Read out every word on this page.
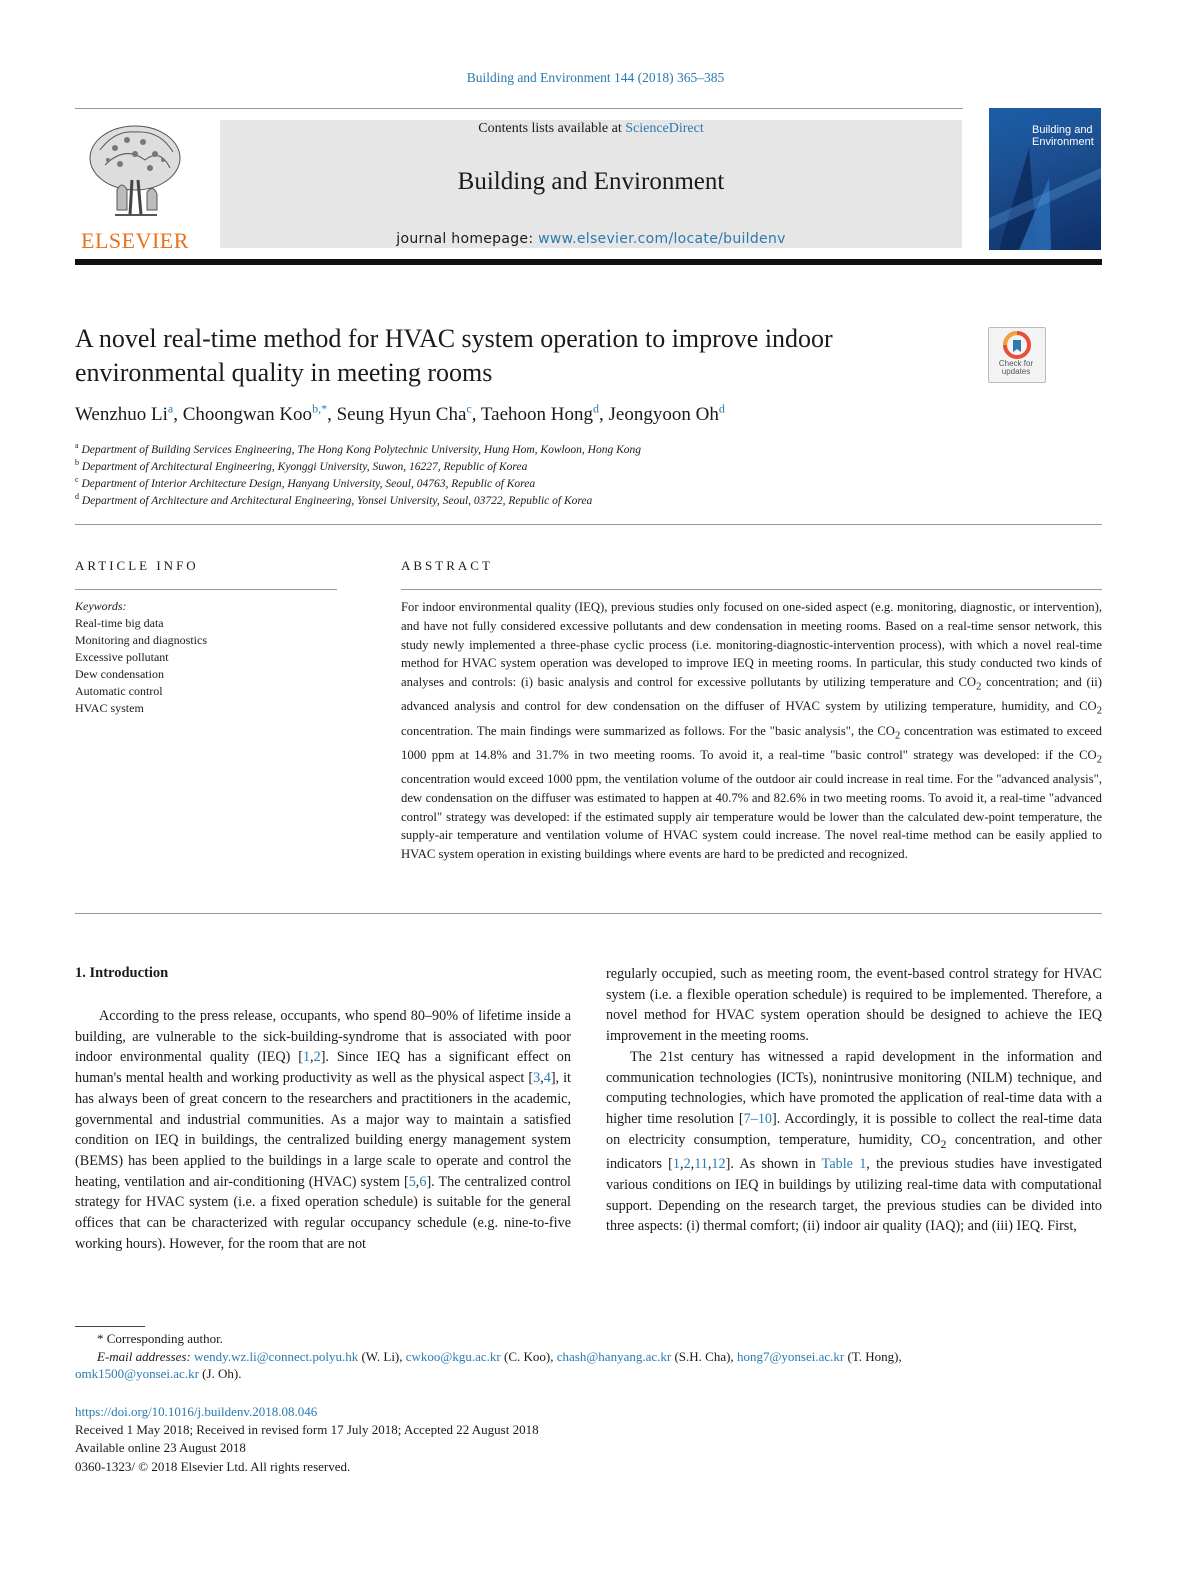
Building and Environment 144 (2018) 365–385
ELSEVIER
Contents lists available at ScienceDirect
Building and Environment
journal homepage: www.elsevier.com/locate/buildenv
Building and Environment
A novel real-time method for HVAC system operation to improve indoor environmental quality in meeting rooms	Check for updates
Wenzhuo Li$^a$, Choongwan Koo$^{b,*}$, Seung Hyun Cha$^c$, Taehoon Hong$^d$, Jeongyoon Oh$^d$
$^a$ Department of Building Services Engineering, The Hong Kong Polytechnic University, Hung Hom, Kowloon, Hong Kong
$^b$ Department of Architectural Engineering, Kyonggi University, Suwon, 16227, Republic of Korea
$^c$ Department of Interior Architecture Design, Hanyang University, Seoul, 04763, Republic of Korea
$^d$ Department of Architecture and Architectural Engineering, Yonsei University, Seoul, 03722, Republic of Korea
ARTICLE INFO
Keywords:
Real-time big data
Monitoring and diagnostics
Excessive pollutant
Dew condensation
Automatic control
HVAC system
ABSTRACT
For indoor environmental quality (IEQ), previous studies only focused on one-sided aspect (e.g. monitoring, diagnostic, or intervention), and have not fully considered excessive pollutants and dew condensation in meeting rooms. Based on a real-time sensor network, this study newly implemented a three-phase cyclic process (i.e. monitoring-diagnostic-intervention process), with which a novel real-time method for HVAC system operation was developed to improve IEQ in meeting rooms. In particular, this study conducted two kinds of analyses and controls: (i) basic analysis and control for excessive pollutants by utilizing temperature and $CO_2$ concentration; and (ii) advanced analysis and control for dew condensation on the diffuser of HVAC system by utilizing temperature, humidity, and $CO_2$ concentration. The main findings were summarized as follows. For the "basic analysis", the $CO_2$ concentration was estimated to exceed 1000 ppm at 14.8% and 31.7% in two meeting rooms. To avoid it, a real-time "basic control" strategy was developed: if the $CO_2$ concentration would exceed 1000 ppm, the ventilation volume of the outdoor air could increase in real time. For the "advanced analysis", dew condensation on the diffuser was estimated to happen at 40.7% and 82.6% in two meeting rooms. To avoid it, a real-time "advanced control" strategy was developed: if the estimated supply air temperature would be lower than the calculated dew-point temperature, the supply-air temperature and ventilation volume of HVAC system could increase. The novel real-time method can be easily applied to HVAC system operation in existing buildings where events are hard to be predicted and recognized.
1. Introduction

According to the press release, occupants, who spend 80–90% of lifetime inside a building, are vulnerable to the sick-building-syndrome that is associated with poor indoor environmental quality (IEQ) [1,2]. Since IEQ has a significant effect on human's mental health and working productivity as well as the physical aspect [3,4], it has always been of great concern to the researchers and practitioners in the academic, governmental and industrial communities. As a major way to maintain a satisfied condition on IEQ in buildings, the centralized building energy management system (BEMS) has been applied to the buildings in a large scale to operate and control the heating, ventilation and air-conditioning (HVAC) system [5,6]. The centralized control strategy for HVAC system (i.e. a fixed operation schedule) is suitable for the general offices that can be characterized with regular occupancy schedule (e.g. nine-to-five working hours). However, for the room that are not

regularly occupied, such as meeting room, the event-based control strategy for HVAC system (i.e. a flexible operation schedule) is required to be implemented. Therefore, a novel method for HVAC system operation should be designed to achieve the IEQ improvement in the meeting rooms.

The 21st century has witnessed a rapid development in the information and communication technologies (ICTs), nonintrusive monitoring (NILM) technique, and computing technologies, which have promoted the application of real-time data with a higher time resolution [7–10]. Accordingly, it is possible to collect the real-time data on electricity consumption, temperature, humidity, $CO_2$ concentration, and other indicators [1,2,11,12]. As shown in Table 1, the previous studies have investigated various conditions on IEQ in buildings by utilizing real-time data with computational support. Depending on the research target, the previous studies can be divided into three aspects: (i) thermal comfort; (ii) indoor air quality (IAQ); and (iii) IEQ. First,

* Corresponding author.
E-mail addresses: wendy.wz.li@connect.polyu.hk (W. Li), cwkoo@kgu.ac.kr (C. Koo), chash@hanyang.ac.kr (S.H. Cha), hong7@yonsei.ac.kr (T. Hong),
omk1500@yonsei.ac.kr (J. Oh).
https://doi.org/10.1016/j.buildenv.2018.08.046
Received 1 May 2018; Received in revised form 17 July 2018; Accepted 22 August 2018
Available online 23 August 2018
0360-1323/ © 2018 Elsevier Ltd. All rights reserved.
